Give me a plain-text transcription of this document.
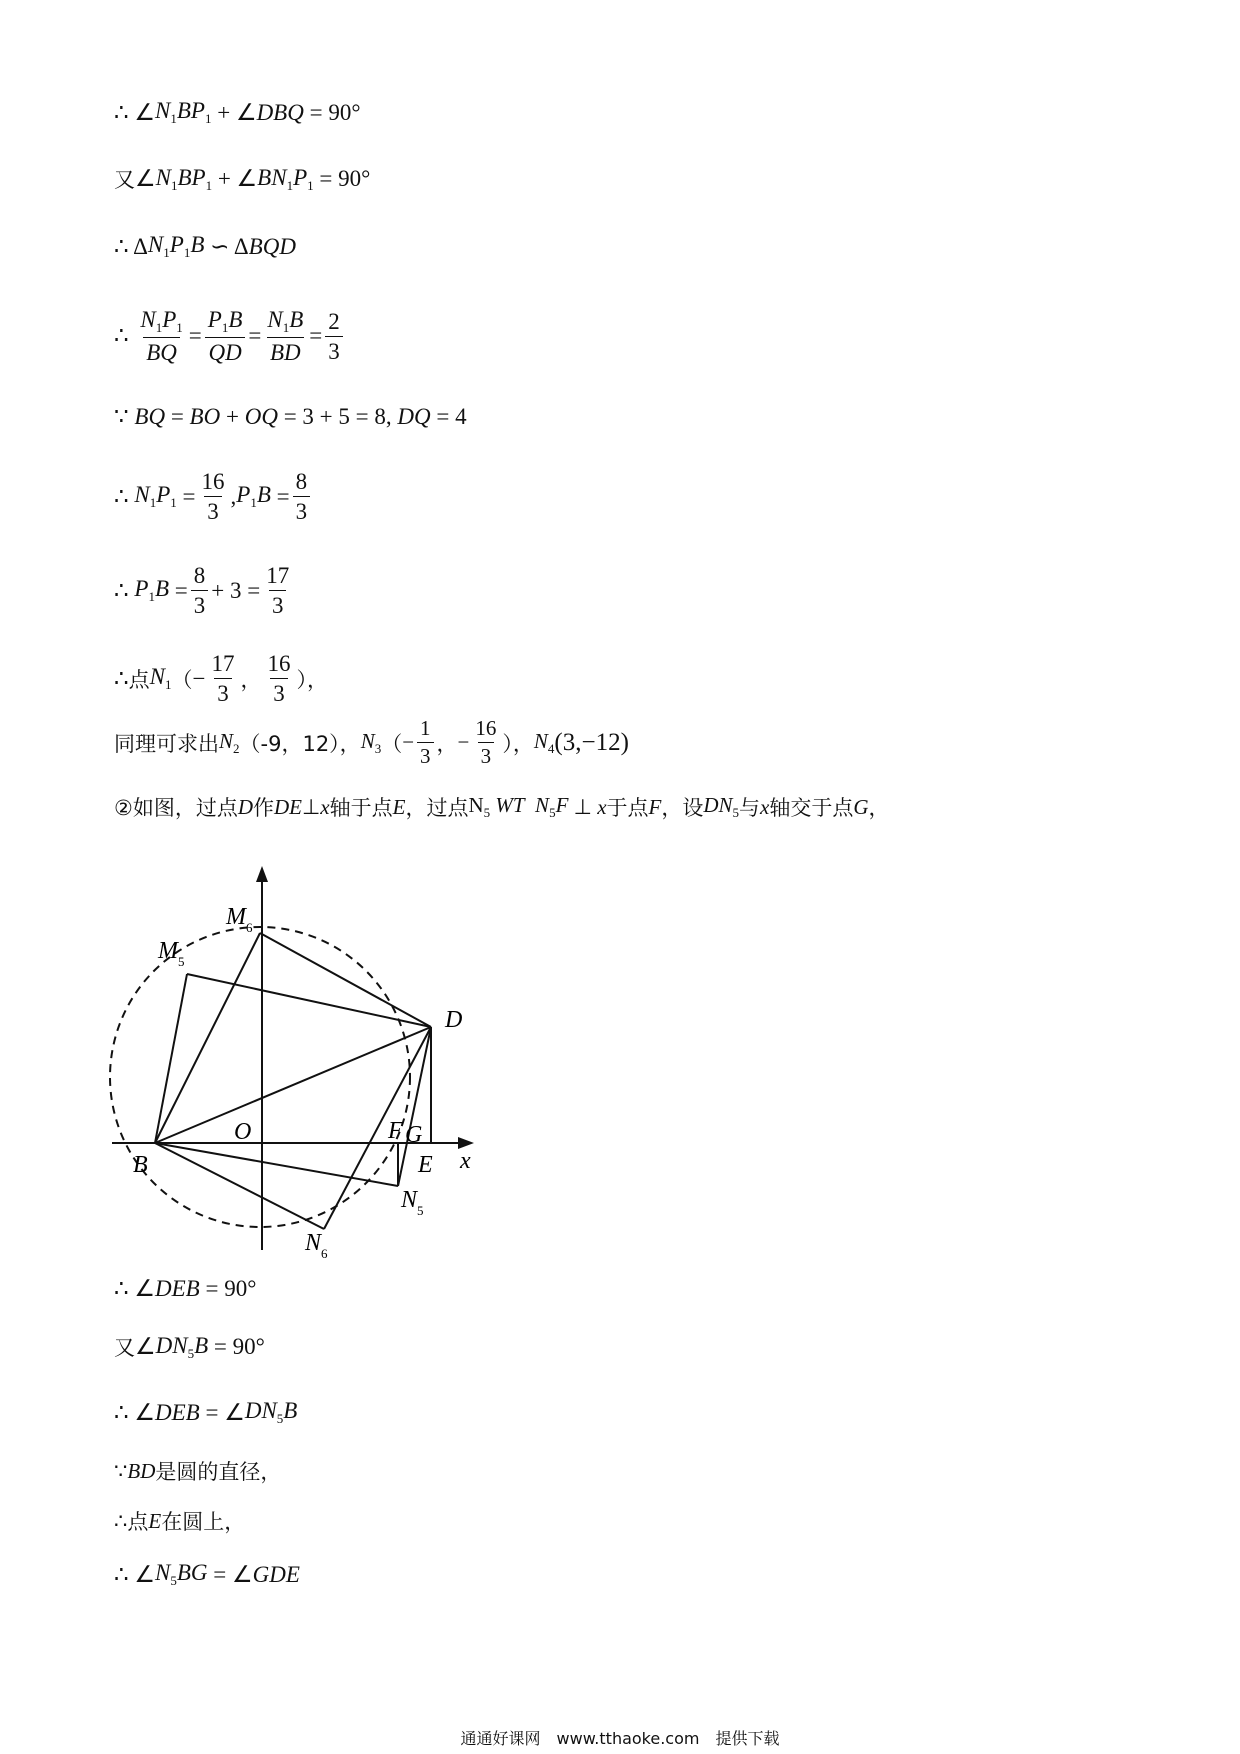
∴ ∠ $N_1BP_1$ + ∠ DBQ = 90°
又 ∠ $N_1BP_1$ + ∠ $BN_1P_1 = 90^\circ$
∴ Δ $N_1P_1B$ ∽ Δ BQD
∴ $\frac{N_1P_1}{BQ} = \frac{P_1B}{QD} = \frac{N_1B}{BD} = \frac{2}{3}$
∵ BQ = BO + OQ = 3 + 5 = 8, DQ = 4
∴ $N_1P_1 = \frac{16}{3}$ , $P_1B = \frac{8}{3}$
∴ $P_1B = \frac{8}{3} + 3 = \frac{17}{3}$
∴ 点 $N_1$ （ − $\frac{17}{3}$ ， $\frac{16}{3}$ ），
同理可求出 $N_2$ （-9，12）， $N_3$ （ − $\frac{1}{3}$ ， − $\frac{16}{3}$ ）， $N_4$ (3,−12)
②如图，过点 D 作 DE ⊥ x 轴于点 E ，过点 $N_5$ WT  $N_5F$ ⊥ x 于点 F ，设 $DN_5$ 与 x 轴交于点 G ，
$M_6$
$M_5$
D
O	F G
E x
B
$N_5$
$N_6$
∴ ∠ DEB = 90°
又 ∠ $DN_5B = 90^\circ$
∴ ∠ DEB = ∠ $DN_5B$
∵ BD 是圆的直径，
∴ 点 E 在圆上，
∴ ∠ $N_5BG$ = ∠ GDE
通通好课网　www.tthaoke.com　提供下载
